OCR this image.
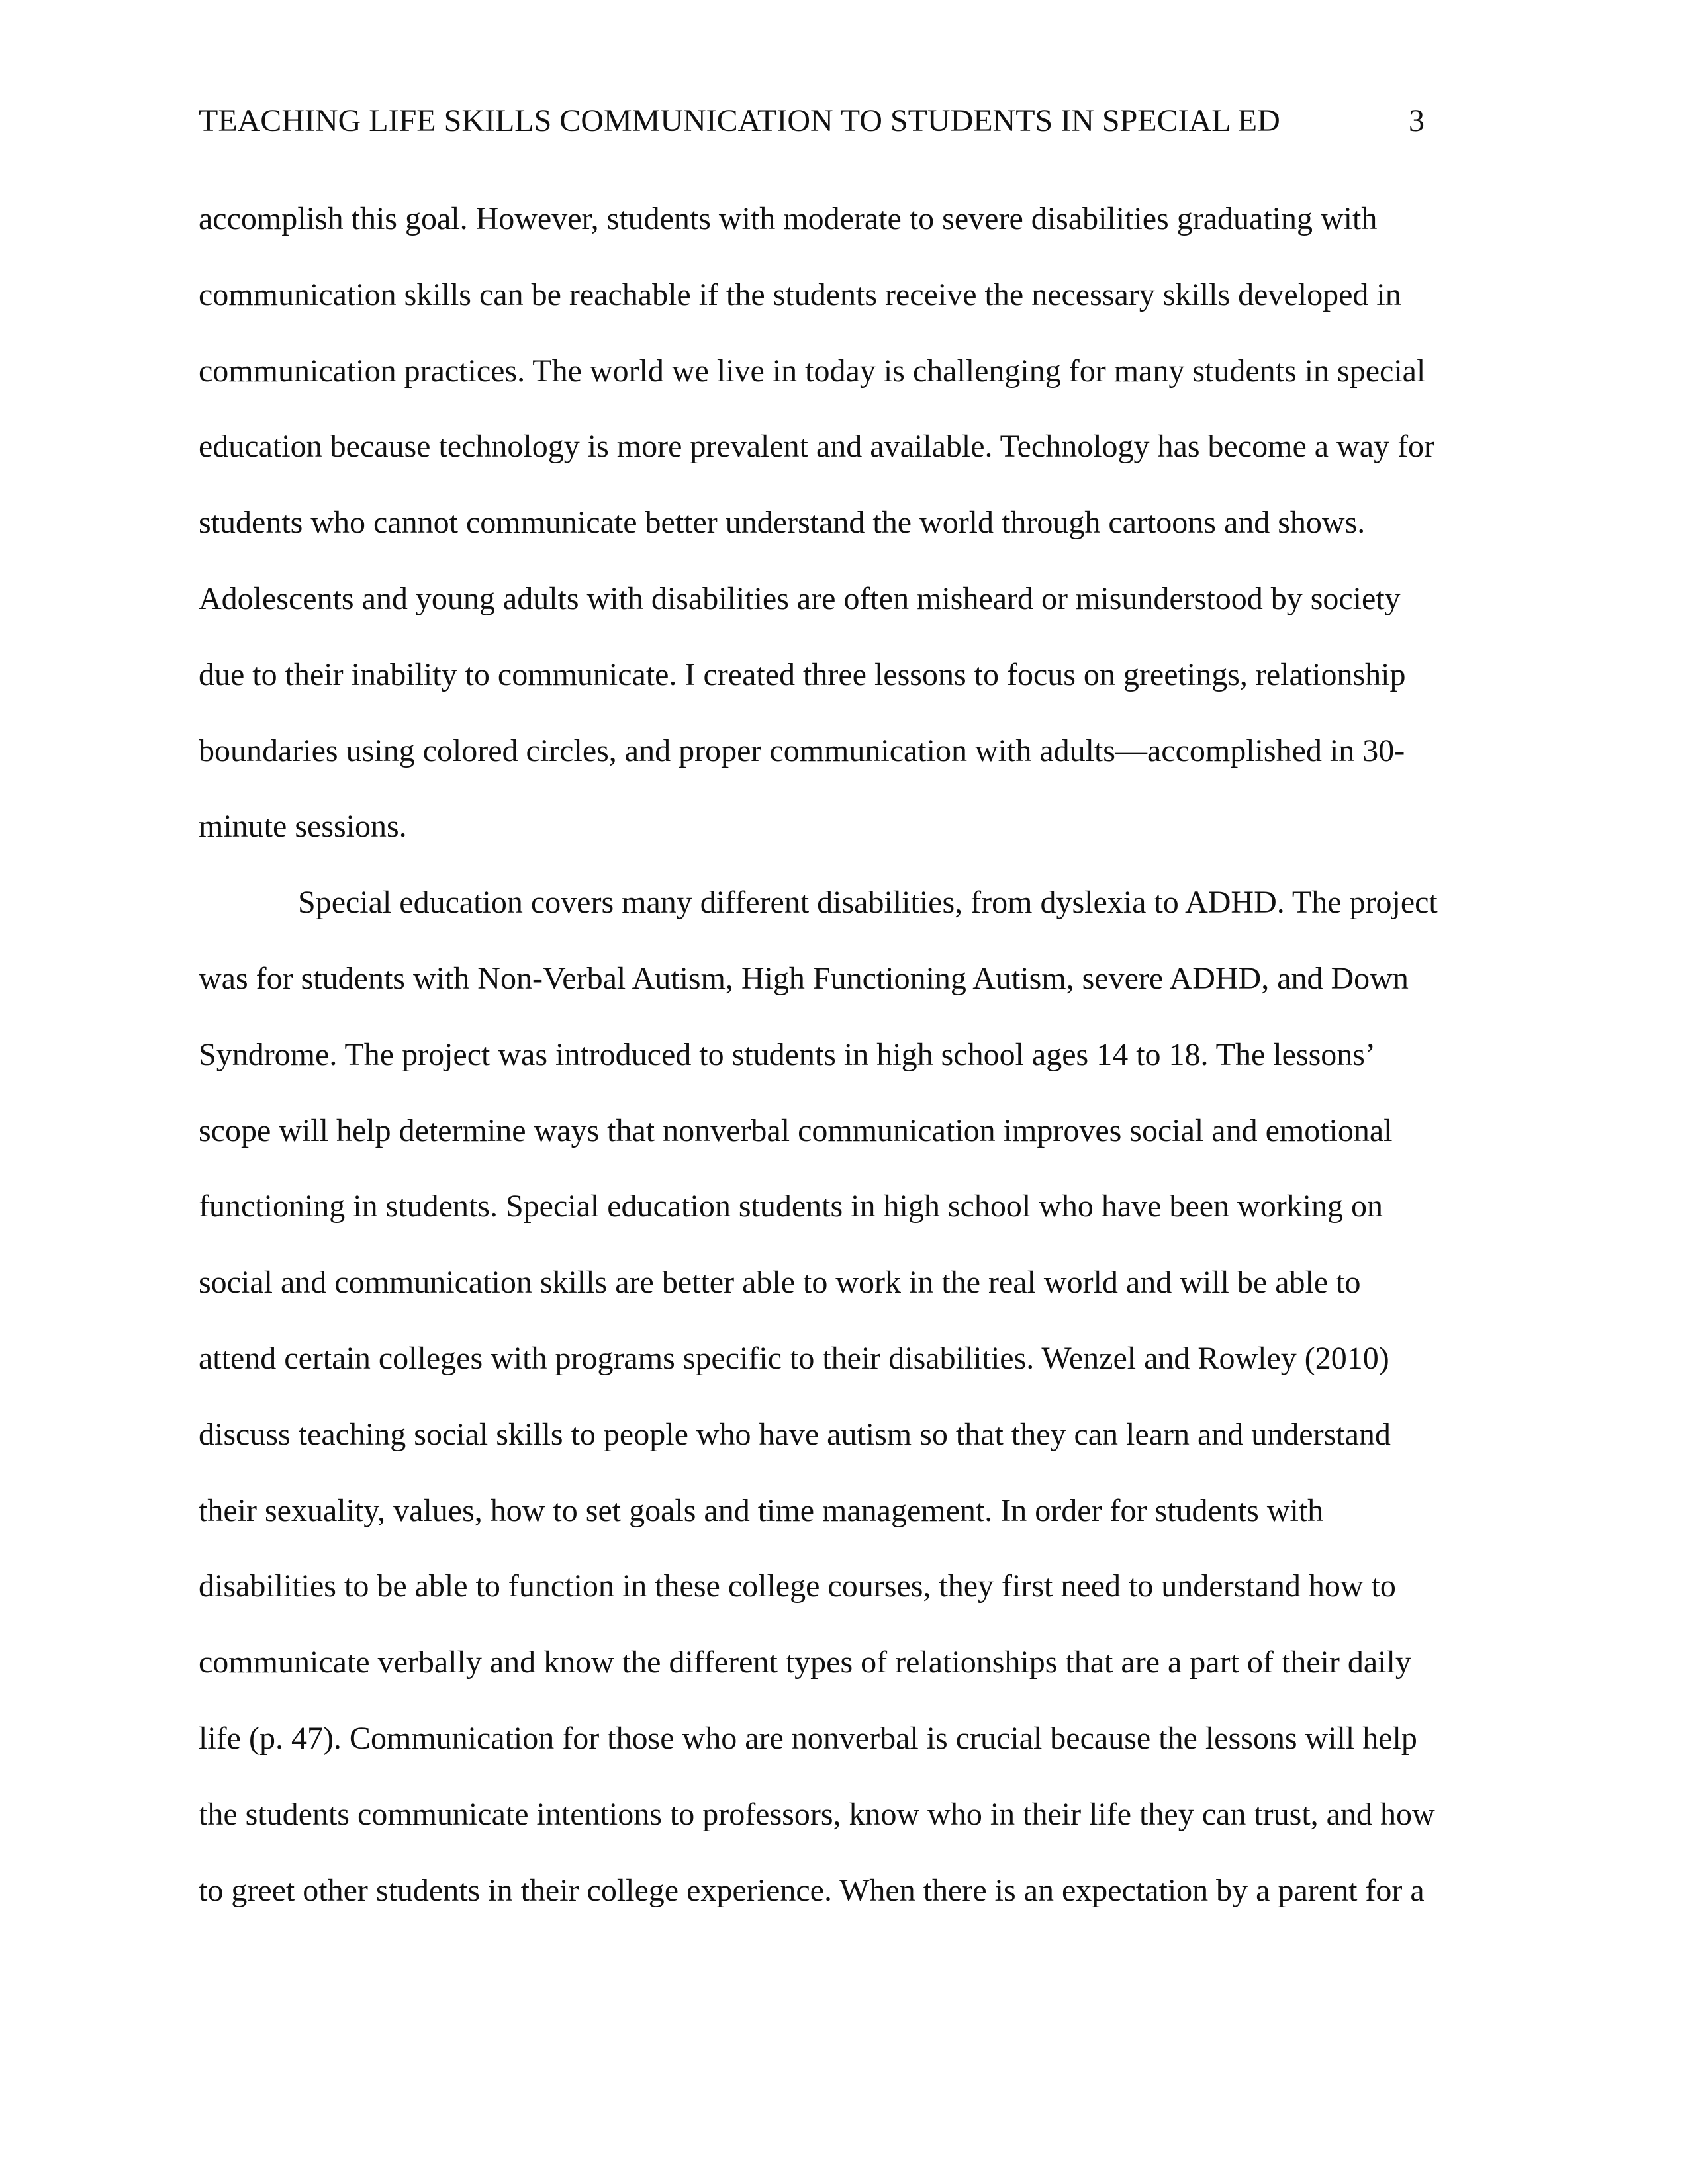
TEACHING LIFE SKILLS COMMUNICATION TO STUDENTS IN SPECIAL ED	3
accomplish this goal. However, students with moderate to severe disabilities graduating with
communication skills can be reachable if the students receive the necessary skills developed in
communication practices. The world we live in today is challenging for many students in special
education because technology is more prevalent and available. Technology has become a way for
students who cannot communicate better understand the world through cartoons and shows.
Adolescents and young adults with disabilities are often misheard or misunderstood by society
due to their inability to communicate. I created three lessons to focus on greetings, relationship
boundaries using colored circles, and proper communication with adults—accomplished in 30-
minute sessions.
Special education covers many different disabilities, from dyslexia to ADHD. The project
was for students with Non-Verbal Autism, High Functioning Autism, severe ADHD, and Down
Syndrome. The project was introduced to students in high school ages 14 to 18. The lessons’
scope will help determine ways that nonverbal communication improves social and emotional
functioning in students. Special education students in high school who have been working on
social and communication skills are better able to work in the real world and will be able to
attend certain colleges with programs specific to their disabilities. Wenzel and Rowley (2010)
discuss teaching social skills to people who have autism so that they can learn and understand
their sexuality, values, how to set goals and time management. In order for students with
disabilities to be able to function in these college courses, they first need to understand how to
communicate verbally and know the different types of relationships that are a part of their daily
life (p. 47). Communication for those who are nonverbal is crucial because the lessons will help
the students communicate intentions to professors, know who in their life they can trust, and how
to greet other students in their college experience. When there is an expectation by a parent for a
